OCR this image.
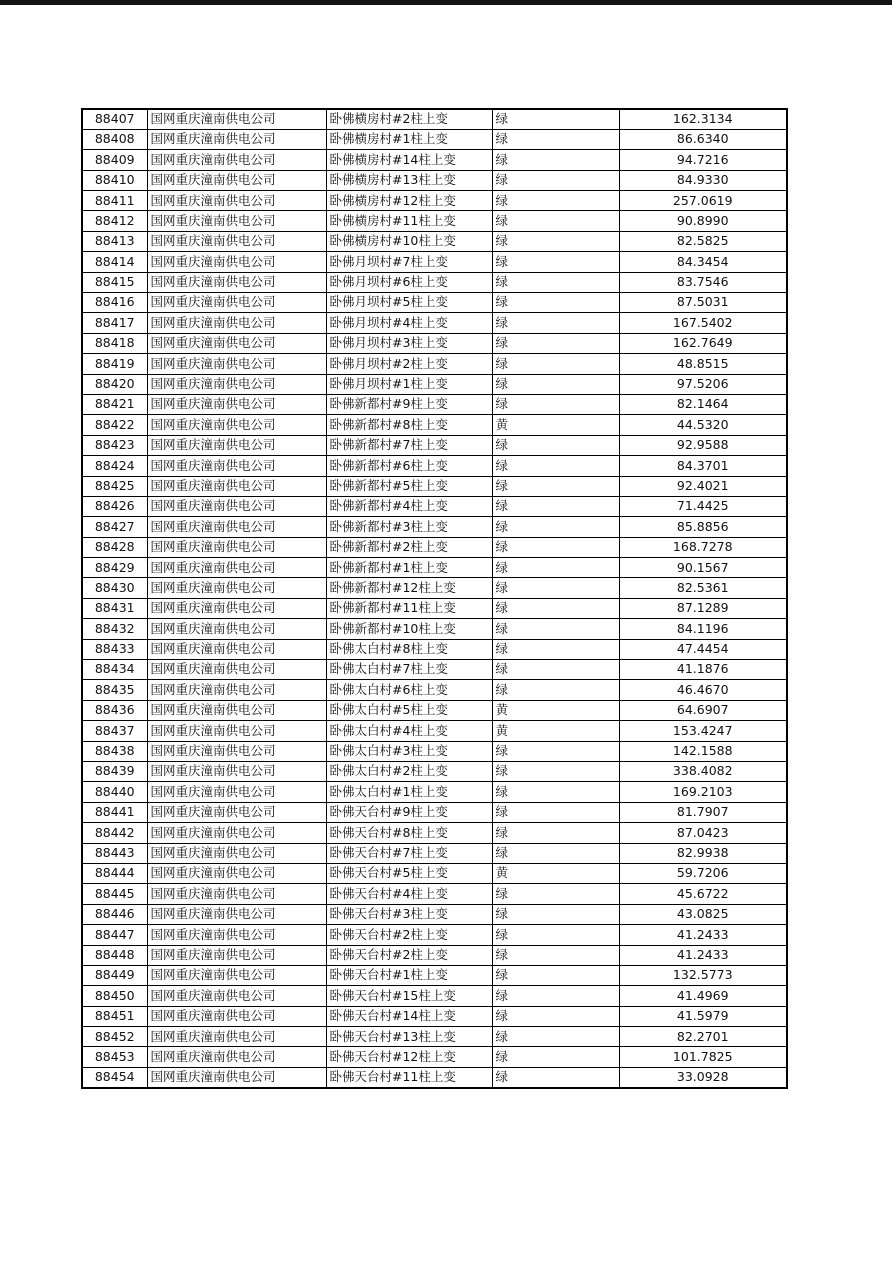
88407	国网重庆潼南供电公司	卧佛横房村#2柱上变	绿	162.3134
88408	国网重庆潼南供电公司	卧佛横房村#1柱上变	绿	86.6340
88409	国网重庆潼南供电公司	卧佛横房村#14柱上变	绿	94.7216
88410	国网重庆潼南供电公司	卧佛横房村#13柱上变	绿	84.9330
88411	国网重庆潼南供电公司	卧佛横房村#12柱上变	绿	257.0619
88412	国网重庆潼南供电公司	卧佛横房村#11柱上变	绿	90.8990
88413	国网重庆潼南供电公司	卧佛横房村#10柱上变	绿	82.5825
88414	国网重庆潼南供电公司	卧佛月坝村#7柱上变	绿	84.3454
88415	国网重庆潼南供电公司	卧佛月坝村#6柱上变	绿	83.7546
88416	国网重庆潼南供电公司	卧佛月坝村#5柱上变	绿	87.5031
88417	国网重庆潼南供电公司	卧佛月坝村#4柱上变	绿	167.5402
88418	国网重庆潼南供电公司	卧佛月坝村#3柱上变	绿	162.7649
88419	国网重庆潼南供电公司	卧佛月坝村#2柱上变	绿	48.8515
88420	国网重庆潼南供电公司	卧佛月坝村#1柱上变	绿	97.5206
88421	国网重庆潼南供电公司	卧佛新都村#9柱上变	绿	82.1464
88422	国网重庆潼南供电公司	卧佛新都村#8柱上变	黄	44.5320
88423	国网重庆潼南供电公司	卧佛新都村#7柱上变	绿	92.9588
88424	国网重庆潼南供电公司	卧佛新都村#6柱上变	绿	84.3701
88425	国网重庆潼南供电公司	卧佛新都村#5柱上变	绿	92.4021
88426	国网重庆潼南供电公司	卧佛新都村#4柱上变	绿	71.4425
88427	国网重庆潼南供电公司	卧佛新都村#3柱上变	绿	85.8856
88428	国网重庆潼南供电公司	卧佛新都村#2柱上变	绿	168.7278
88429	国网重庆潼南供电公司	卧佛新都村#1柱上变	绿	90.1567
88430	国网重庆潼南供电公司	卧佛新都村#12柱上变	绿	82.5361
88431	国网重庆潼南供电公司	卧佛新都村#11柱上变	绿	87.1289
88432	国网重庆潼南供电公司	卧佛新都村#10柱上变	绿	84.1196
88433	国网重庆潼南供电公司	卧佛太白村#8柱上变	绿	47.4454
88434	国网重庆潼南供电公司	卧佛太白村#7柱上变	绿	41.1876
88435	国网重庆潼南供电公司	卧佛太白村#6柱上变	绿	46.4670
88436	国网重庆潼南供电公司	卧佛太白村#5柱上变	黄	64.6907
88437	国网重庆潼南供电公司	卧佛太白村#4柱上变	黄	153.4247
88438	国网重庆潼南供电公司	卧佛太白村#3柱上变	绿	142.1588
88439	国网重庆潼南供电公司	卧佛太白村#2柱上变	绿	338.4082
88440	国网重庆潼南供电公司	卧佛太白村#1柱上变	绿	169.2103
88441	国网重庆潼南供电公司	卧佛天台村#9柱上变	绿	81.7907
88442	国网重庆潼南供电公司	卧佛天台村#8柱上变	绿	87.0423
88443	国网重庆潼南供电公司	卧佛天台村#7柱上变	绿	82.9938
88444	国网重庆潼南供电公司	卧佛天台村#5柱上变	黄	59.7206
88445	国网重庆潼南供电公司	卧佛天台村#4柱上变	绿	45.6722
88446	国网重庆潼南供电公司	卧佛天台村#3柱上变	绿	43.0825
88447	国网重庆潼南供电公司	卧佛天台村#2柱上变	绿	41.2433
88448	国网重庆潼南供电公司	卧佛天台村#2柱上变	绿	41.2433
88449	国网重庆潼南供电公司	卧佛天台村#1柱上变	绿	132.5773
88450	国网重庆潼南供电公司	卧佛天台村#15柱上变	绿	41.4969
88451	国网重庆潼南供电公司	卧佛天台村#14柱上变	绿	41.5979
88452	国网重庆潼南供电公司	卧佛天台村#13柱上变	绿	82.2701
88453	国网重庆潼南供电公司	卧佛天台村#12柱上变	绿	101.7825
88454	国网重庆潼南供电公司	卧佛天台村#11柱上变	绿	33.0928
